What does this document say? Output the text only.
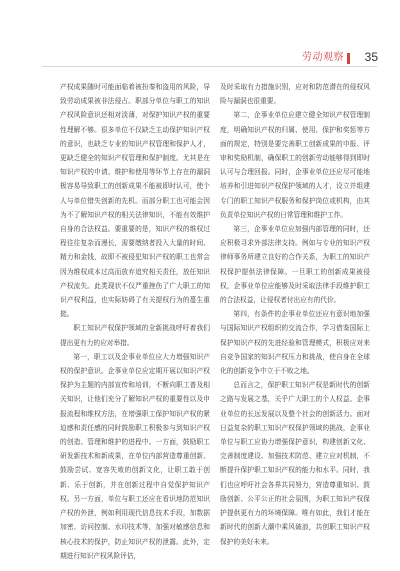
劳动观察 35

产权成果随时可能面临着被扮秦和盗用的风险，导致劳动成果被非法侵占。职部分单位与职工的知识产权风险意识还相对淡薄，对保护知识产权的重要性理解不够。很多单位不仅缺乏主动保护知识产权的意识，也缺乏专业的知识产权管理和保护人才，更缺乏健全的知识产权管理和保护制度。尤其是在知识产权的申请、维护和使用等环节上存在的漏洞极容易导致职工的创新成果不能被即时认可，使个人与单位错失创新的先机。而部分职工也可能会因为不了解知识产权的相关法律知识，不能有效维护自身的合法权益。要重要的是，知识产权的维权过程往往复杂而漫长，需要缴纳者投入大量的时间、精力和金钱，故即不被侵犯知识产权的职工也常会因为维权成本过高而放弃追究相关责任，放任知识产权流失。此类现状不仅严重挫伤了广大职工的知识产权利益，也实际妨碍了有关提权行为的蔓生重挺。

职工知识产权保护领域的全新挑战呼吁着我们提出更有力的应对举措。

第一，职工以及企事业单位应大力增强知识产权的保护意识。企事业单位应定期开展以知识产权保护为主题的内部宣传和培训，不断向职工普及相关知识，让他们充分了解知识产权的重要性以及申报流程和维权方法，在增强职工保护知识产权的紧迫感和责任感的同时鼓励职工积极参与到知识产权的创造、管理和维护的进程中。一方面，鼓励职工研发新技术和新成果，在单位内部营造尊重创新、鼓励尝试、宽容失败的创新文化，让职工敢于创新、乐于创新，并在创新过程中自觉保护知识产权。另一方面，单位与职工还应在看识地防范知识产权的外泄，例如利用现代信息技术手段，加数据加密、访问控制、水印技术等，加强对敏感信息和核心技术的保护，防止知识产权的泄露。此外，定期进行知识产权风险评估，

及时采取有力措施识别，应对和防范潜在的侵权风险与漏洞也很重要。

第二，企事业单位应建立健全知识产权管理制度，明确知识产权的归属、使用、保护和奖惩等方面的规定，特别是要完善职工创新成果的申报、评审和奖励机制，确保职工的创新劳动能够得到即时认可与合理回报。同时，企事业单位还应尽可能地培养和引进知识产权保护领域的人才，设立并组建专门的职工知识产权服务和保护岗位或机构，由其负责单位知识产权的日常管理和维护工作。

第三，企事业单位应加强内部管理的同时，还应积极寻求外部法律支持。例如与专业的知识产权律师事务所建立良好的合作关系，为职工的知识产权保护提供法律保障。一旦职工的创新成果被侵权，企事业单位应能够及时采取法律手段维护职工的合法权益，让侵权者付出应有的代价。

第四，有条件的企事业单位还应有意识地加强与国际知识产权组织的交流合作，学习借鉴国际上保护知识产权的先进经验和管理模式，积极应对来自竞争国家的知识产权压力和挑战，使自身在全球化的创新竞争中立于不败之地。

总而言之，保护职工知识产权是新时代的创新之路与发展之基，关乎广大职工的个人权益、企事业单位的长远发展以及整个社会的创新活力。面对日益复杂的职工知识产权保护领域的挑战，企事业单位与职工应协力增强保护意识，构建创新文化、完善制度建设、加强技术防范、建立应对机制，不断提升保护职工知识产权的能力和水平。同时，我们也应呼吁社会各界共同努力，营造尊重知识、鼓励创新、公平公正的社会氛围，为职工知识产权保护提供更有力的环境保障。唯有如此，我们才能在新时代的创新大潮中乘风破浪，共创职工知识产权保护的美好未来。
